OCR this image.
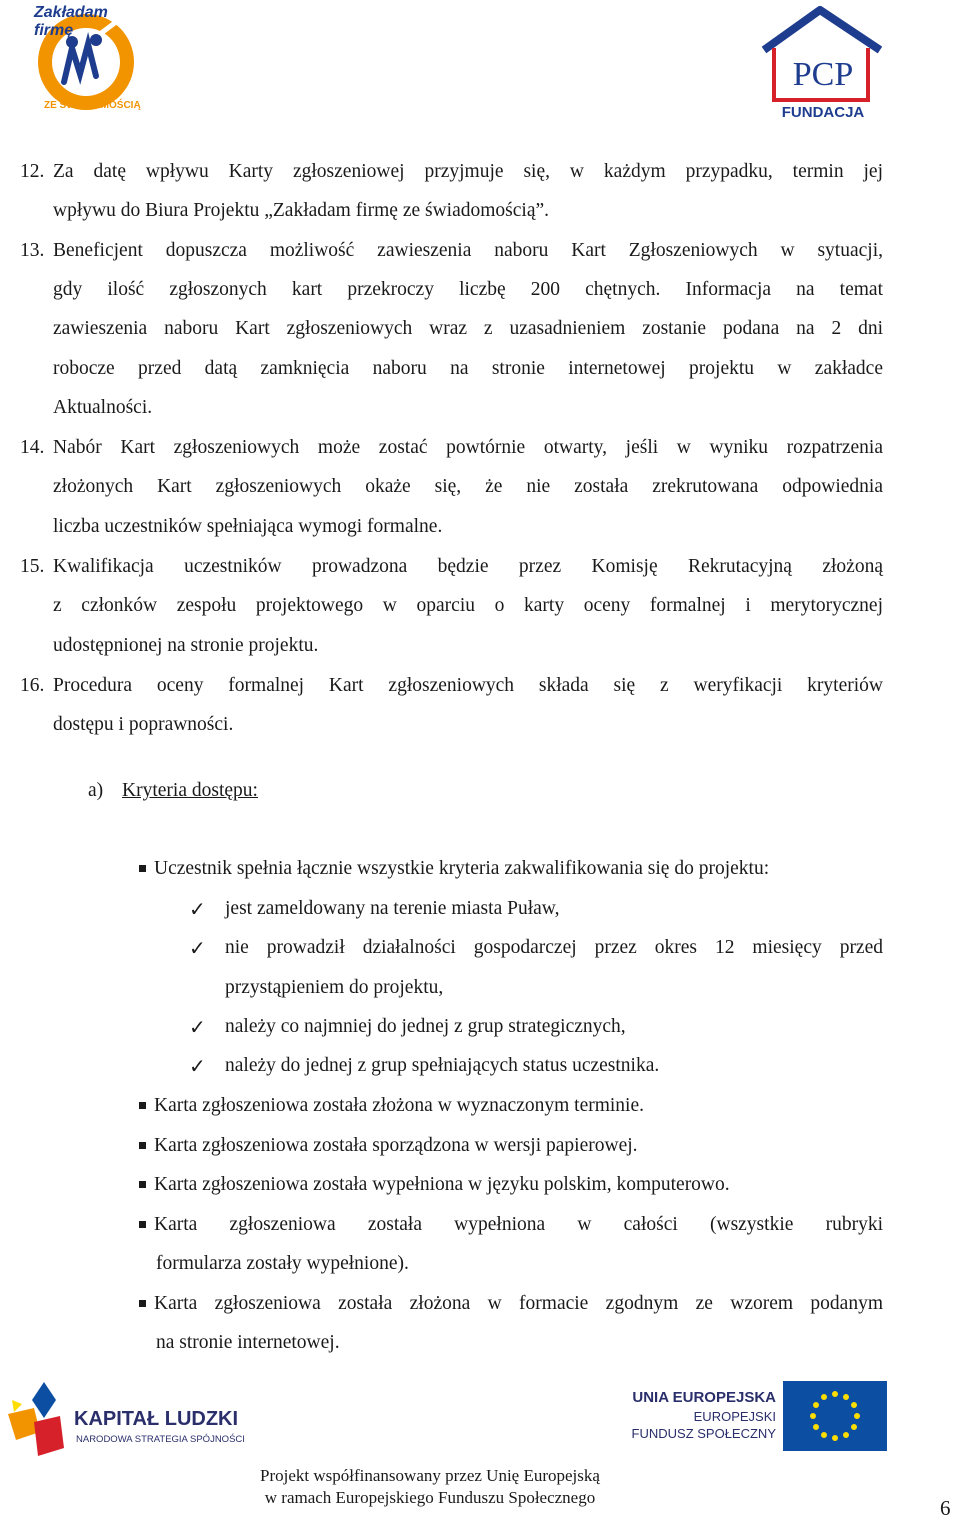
Zakładam firmę
ZE ŚWIADOMOŚCIĄ
PCP
FUNDACJA
12. Za datę wpływu Karty zgłoszeniowej przyjmuje się, w każdym przypadku, termin jej
wpływu do Biura Projektu „Zakładam firmę ze świadomością”.
13. Beneficjent dopuszcza możliwość zawieszenia naboru Kart Zgłoszeniowych w sytuacji,
gdy ilość zgłoszonych kart przekroczy liczbę 200 chętnych. Informacja na temat
zawieszenia naboru Kart zgłoszeniowych wraz z uzasadnieniem zostanie podana na 2 dni
robocze przed datą zamknięcia naboru na stronie internetowej projektu w zakładce
Aktualności.
14. Nabór Kart zgłoszeniowych może zostać powtórnie otwarty, jeśli w wyniku rozpatrzenia
złożonych Kart zgłoszeniowych okaże się, że nie została zrekrutowana odpowiednia
liczba uczestników spełniająca wymogi formalne.
15. Kwalifikacja uczestników prowadzona będzie przez Komisję Rekrutacyjną złożoną
z członków zespołu projektowego w oparciu o karty oceny formalnej i merytorycznej
udostępnionej na stronie projektu.
16. Procedura oceny formalnej Kart zgłoszeniowych składa się z weryfikacji kryteriów
dostępu i poprawności.
a) Kryteria dostępu:
Uczestnik spełnia łącznie wszystkie kryteria zakwalifikowania się do projektu:
✓ jest zameldowany na terenie miasta Puław,
✓ nie prowadził działalności gospodarczej przez okres 12 miesięcy przed
przystąpieniem do projektu,
✓ należy co najmniej do jednej z grup strategicznych,
✓ należy do jednej z grup spełniających status uczestnika.
Karta zgłoszeniowa została złożona w wyznaczonym terminie.
Karta zgłoszeniowa została sporządzona w wersji papierowej.
Karta zgłoszeniowa została wypełniona w języku polskim, komputerowo.
Karta zgłoszeniowa została wypełniona w całości (wszystkie rubryki
formularza zostały wypełnione).
Karta zgłoszeniowa została złożona w formacie zgodnym ze wzorem podanym
na stronie internetowej.
KAPITAŁ LUDZKI
NARODOWA STRATEGIA SPÓJNOŚCI
UNIA EUROPEJSKA
EUROPEJSKI
FUNDUSZ SPOŁECZNY
Projekt współfinansowany przez Unię Europejską
w ramach Europejskiego Funduszu Społecznego	6
